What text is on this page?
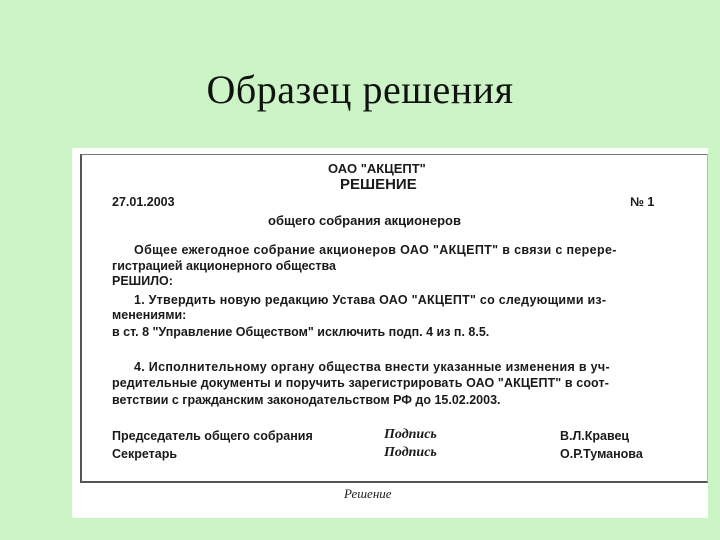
Образец решения
ОАО "АКЦЕПТ"
РЕШЕНИЕ
27.01.2003	№ 1
общего собрания акционеров
Общее ежегодное собрание акционеров ОАО "АКЦЕПТ" в связи с перере-
гистрацией акционерного общества
РЕШИЛО:
1. Утвердить новую редакцию Устава ОАО "АКЦЕПТ" со следующими из-
менениями:
в ст. 8 "Управление Обществом" исключить подп. 4 из п. 8.5.
4. Исполнительному органу общества внести указанные изменения в уч-
редительные документы и поручить зарегистрировать ОАО "АКЦЕПТ" в соот-
ветствии с гражданским законодательством РФ до 15.02.2003.
Председатель общего собрания	Подпись	В.Л.Кравец
Секретарь	Подпись	О.Р.Туманова
Решение
